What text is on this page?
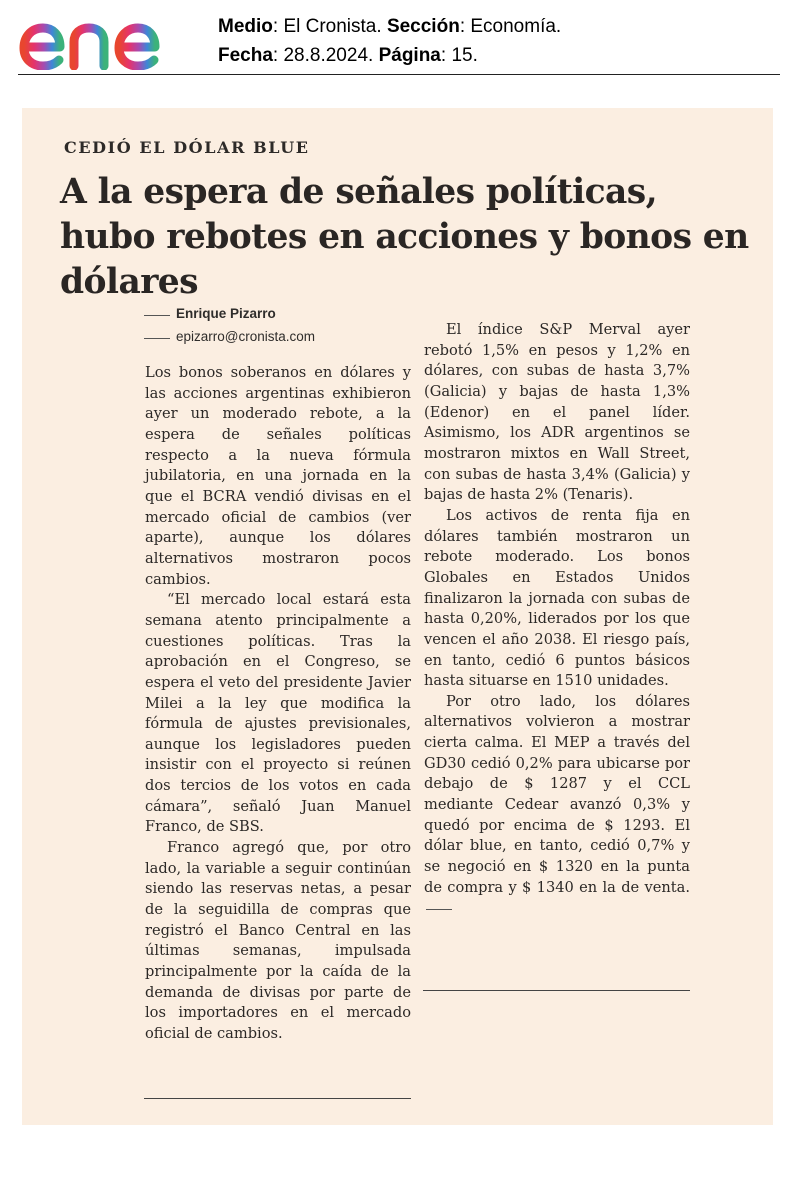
Medio: El Cronista. Sección: Economía.
Fecha: 28.8.2024. Página: 15.
CEDIÓ EL DÓLAR BLUE
A la espera de señales políticas, hubo rebotes en acciones y bonos en dólares
Enrique Pizarro
epizarro@cronista.com

Los bonos soberanos en dólares y las acciones argentinas exhibieron ayer un moderado rebote, a la espera de señales políticas respecto a la nueva fórmula jubilatoria, en una jornada en la que el BCRA vendió divisas en el mercado oficial de cambios (ver aparte), aunque los dólares alternativos mostraron pocos cambios.

“El mercado local estará esta semana atento principalmente a cuestiones políticas. Tras la aprobación en el Congreso, se espera el veto del presidente Javier Milei a la ley que modifica la fórmula de ajustes previsionales, aunque los legisladores pueden insistir con el proyecto si reúnen dos tercios de los votos en cada cámara”, señaló Juan Manuel Franco, de SBS.

Franco agregó que, por otro lado, la variable a seguir continúan siendo las reservas netas, a pesar de la seguidilla de compras que registró el Banco Central en las últimas semanas, impulsada principalmente por la caída de la demanda de divisas por parte de los importadores en el mercado oficial de cambios.

El índice S&P Merval ayer rebotó 1,5% en pesos y 1,2% en dólares, con subas de hasta 3,7% (Galicia) y bajas de hasta 1,3% (Edenor) en el panel líder. Asimismo, los ADR argentinos se mostraron mixtos en Wall Street, con subas de hasta 3,4% (Galicia) y bajas de hasta 2% (Tenaris).

Los activos de renta fija en dólares también mostraron un rebote moderado. Los bonos Globales en Estados Unidos finalizaron la jornada con subas de hasta 0,20%, liderados por los que vencen el año 2038. El riesgo país, en tanto, cedió 6 puntos básicos hasta situarse en 1510 unidades.

Por otro lado, los dólares alternativos volvieron a mostrar cierta calma. El MEP a través del GD30 cedió 0,2% para ubicarse por debajo de $ 1287 y el CCL mediante Cedear avanzó 0,3% y quedó por encima de $ 1293. El dólar blue, en tanto, cedió 0,7% y se negoció en $ 1320 en la punta de compra y $ 1340 en la de venta.
